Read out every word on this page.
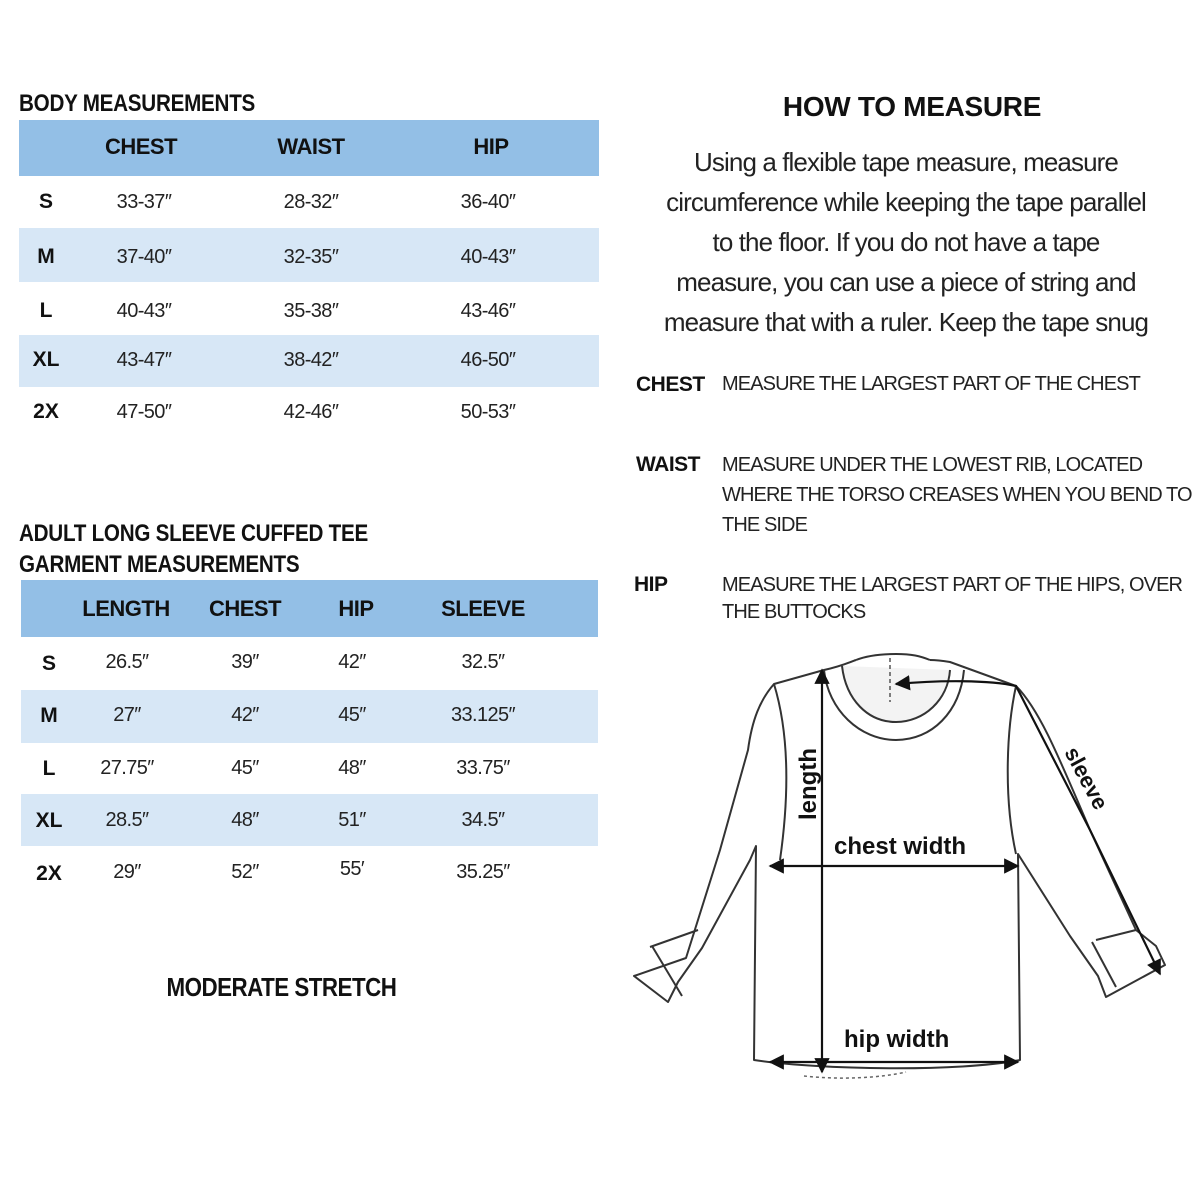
BODY MEASUREMENTS
CHEST	WAIST	HIP
S	33-37″	28-32″	36-40″
M	37-40″	32-35″	40-43″
L	40-43″	35-38″	43-46″
XL	43-47″	38-42″	46-50″
2X	47-50″	42-46″	50-53″
ADULT LONG SLEEVE CUFFED TEE
GARMENT MEASUREMENTS
LENGTH CHEST	HIP	SLEEVE
S	26.5″	39″	42″	32.5″
M	27″	42″	45″	33.125″
L	27.75″	45″	48″	33.75″
XL	28.5″	48″	51″	34.5″
2X	29″	52″	55′	35.25″
MODERATE STRETCH
HOW TO MEASURE
Using a flexible tape measure, measure
circumference while keeping the tape parallel
to the floor. If you do not have a tape
measure, you can use a piece of string and
measure that with a ruler. Keep the tape snug
CHEST MEASURE THE LARGEST PART OF THE CHEST
WAIST MEASURE UNDER THE LOWEST RIB, LOCATED
WHERE THE TORSO CREASES WHEN YOU BEND TO
THE SIDE
HIP	MEASURE THE LARGEST PART OF THE HIPS, OVER
THE BUTTOCKS
length
chest width
sleeve
hip width
